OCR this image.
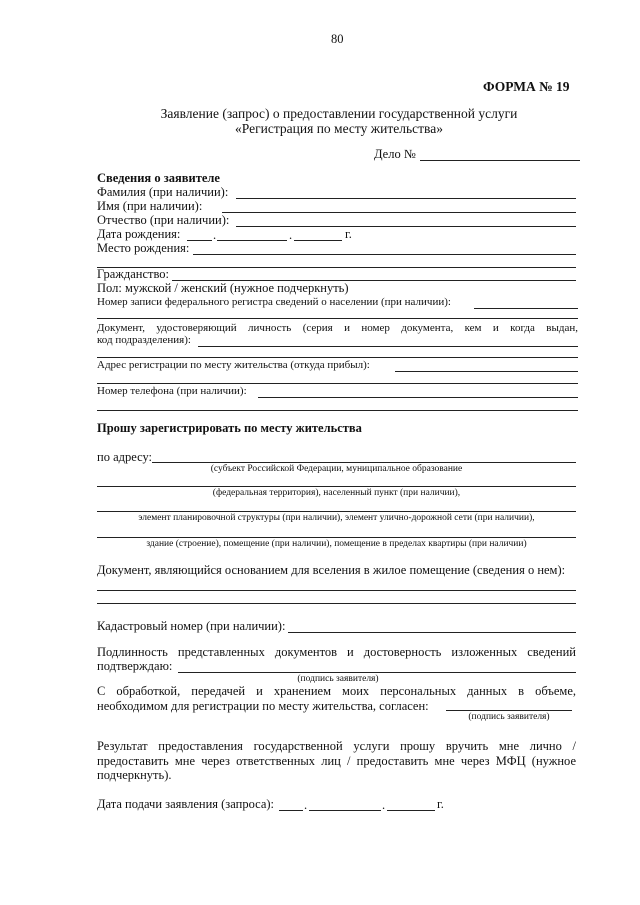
80
ФОРМА № 19
Заявление (запрос) о предоставлении государственной услуги
«Регистрация по месту жительства»
Дело №
Сведения о заявителе
Фамилия (при наличии):
Имя (при наличии):
Отчество (при наличии):
Дата рождения:	.	.	г.
Место рождения:
Гражданство:
Пол: мужской / женский (нужное подчеркнуть)
Номер записи федерального регистра сведений о населении (при наличии):
Документ, удостоверяющий личность (серия и номер документа, кем и когда выдан,
код подразделения):
Адрес регистрации по месту жительства (откуда прибыл):
Номер телефона (при наличии):
Прошу зарегистрировать по месту жительства
по адресу:
(субъект Российской Федерации, муниципальное образование
(федеральная территория), населенный пункт (при наличии),
элемент планировочной структуры (при наличии), элемент улично-дорожной сети (при наличии),
здание (строение), помещение (при наличии), помещение в пределах квартиры (при наличии)
Документ, являющийся основанием для вселения в жилое помещение (сведения о нем):
Кадастровый номер (при наличии):
Подлинность представленных документов и достоверность изложенных сведений
подтверждаю:
(подпись заявителя)
С обработкой, передачей и хранением моих персональных данных в объеме,
необходимом для регистрации по месту жительства, согласен:
(подпись заявителя)
Результат предоставления государственной услуги прошу вручить мне лично /
предоставить мне через ответственных лиц / предоставить мне через МФЦ (нужное
подчеркнуть).
Дата подачи заявления (запроса): .	.	г.
